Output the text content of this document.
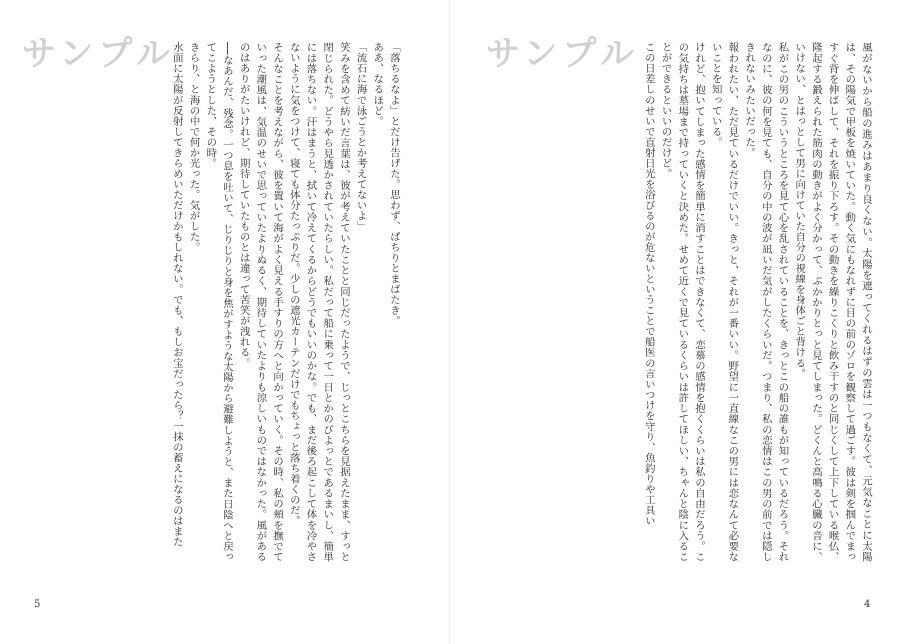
サンプル	「落ちるなよ」とだけ告げた。思わず、ぱちりとまばたき。

ああ、なるほど。

「流石に海で泳ごうとか考えてないよ」

笑みを含めて紡いだ言葉は、彼が考えていたことと同じだったようで、じっとこちらを見据えたまま、すっと閉じられた。どうやら見透かされていたらしい。私だって船に乗って一日とかのびよっとであるまいし、簡単には落ちない。汗はまうと、拭いて冷えてくるからどうでもいいのかな。でも、まだ後ろ起こして体を冷やさないように気をつけて、寝ても体分たっぷりだ。少しの遮光カーテンだけでもちょっと落ち着くのだ。

そんなことを考えながら、彼を置いて海がよく見える手すりの方へと向かっていく。その時、私の頬を撫でていった潮風は、気温のせいで思っていたよりぬるく、期待していたよりも涼しいものではなかった。風があるのはありがたいけれど、期待していたものとは違って苦笑が洩れる。

──なあんだ、残念。一つ息を吐いて、じりじりと身を焦がすような太陽から避難しようと、また日陰へと戻ってこようとした、その時。

きらり、と海の中で何か光った。気がした。

水面に太陽が反射してきらめいただけかもしれない。でも、もしお宝だったら？一抹の蓄えになるのはまた

5
サンプル	風がないから船の進みはあまり良くない。太陽を遮ってくれるはずの雲は一つもなくて、元気なことに太陽は、その陽気で甲板を焼いていた。動く気にもなれずに目の前のゾロを観察して過ごす。彼は剣を掴んでまっすぐ背を伸ばして、それを振り下ろす。その動きを繰りこくりと飲み干すのと同じくして上下している喉仏、隆起する鍛えられた筋肉の動きがよく分かって、ぷかかりとっと見てしまった。どくんと高鳴る心臓の音に、いけない、とはっとして男に向けていた自分の視線を身体ごと背ける。

私がこの男のこういうところを見て心を乱されていることを、きっとこの船の誰もが知っているだろう。それなのに、彼の何を見ても、自分の中の波が凪いだ気がしたくらいだ。つまり、私の恋情はこの男の前では隠しきれないみたいだった。

報われたい、ただ見ているだけでいい。きっと、それが一番いい。野望に一直線なこの男には恋なんて必要ないことを知っている。

けれど、抱いてしまった感情を簡単に消すことはできなくて、恋慕の感情を抱くくらいは私の自由だろう。この気持ちは墓場まで持っていくと決めた。せめて近くで見ているくらいは許してほしい、ちゃんと陰に入ることができるといいのだけど。

この日差しのせいで直射日光を浴びるのが危ないということで船医の言いつけを守り、魚釣りや工具い

4
